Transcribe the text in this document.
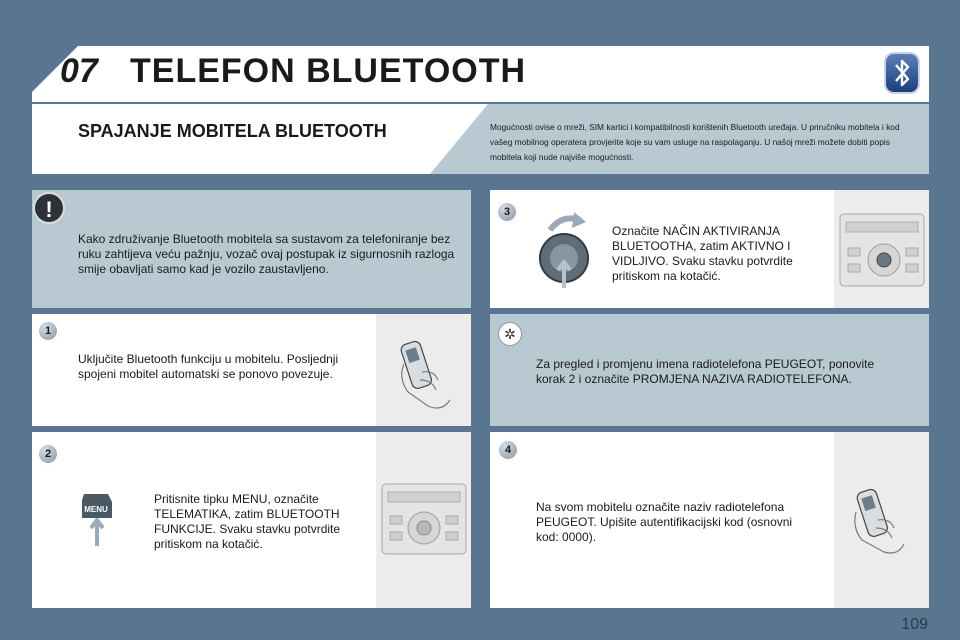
07 TELEFON BLUETOOTH
SPAJANJE MOBITELA BLUETOOTH	Mogućnosti ovise o mreži, SIM kartici i kompatibilnosti korištenih Bluetooth uređaja. U priručniku mobitela i kod vašeg mobilnog operatera provjerite koje su vam usluge na raspolaganju. U našoj mreži možete dobiti popis mobitela koji nude najviše mogućnosti.
!
Kako združivanje Bluetooth mobitela sa sustavom za telefoniranje bez ruku zahtijeva veću pažnju, vozač ovaj postupak iz sigurnosnih razloga smije obavljati samo kad je vozilo zaustavljeno.
1
Uključite Bluetooth funkciju u mobitelu. Posljednji spojeni mobitel automatski se ponovo povezuje.
2
MENU
Pritisnite tipku MENU, označite TELEMATIKA, zatim BLUETOOTH FUNKCIJE. Svaku stavku potvrdite pritiskom na kotačić.
3
Označite NAČIN AKTIVIRANJA BLUETOOTHA, zatim AKTIVNO I VIDLJIVO. Svaku stavku potvrdite pritiskom na kotačić.
✲
Za pregled i promjenu imena radiotelefona PEUGEOT, ponovite korak 2 i označite PROMJENA NAZIVA RADIOTELEFONA.
4
Na svom mobitelu označite naziv radiotelefona PEUGEOT. Upišite autentifikacijski kod (osnovni kod: 0000).
109
